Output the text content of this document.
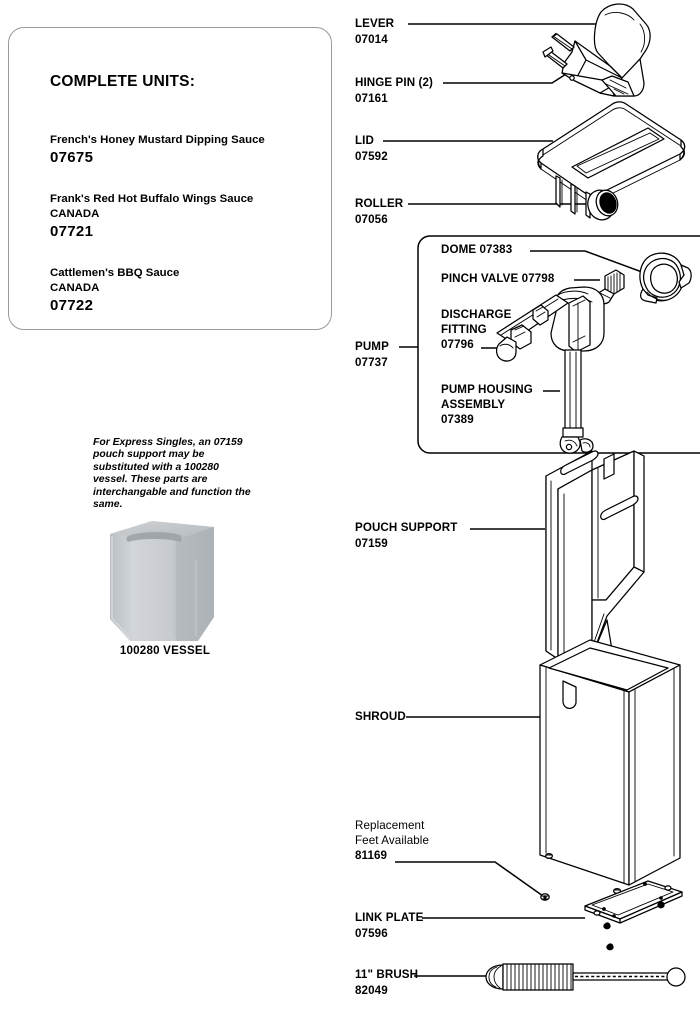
COMPLETE UNITS:
French's Honey Mustard Dipping Sauce
07675
Frank's Red Hot Buffalo Wings Sauce
CANADA
07721
Cattlemen's BBQ Sauce
CANADA
07722
For Express Singles, an 07159 pouch support may be substituted with a 100280 vessel. These parts are interchangable and function the same.
LEVER
07014
HINGE PIN (2)
07161
LID
07592
ROLLER
07056
PUMP
07737
DOME 07383
PINCH VALVE 07798
DISCHARGE
FITTING
07796
PUMP HOUSING
ASSEMBLY
07389
POUCH SUPPORT
07159
SHROUD
Replacement
Feet Available
81169
LINK PLATE
07596
11" BRUSH
82049
100280 VESSEL
